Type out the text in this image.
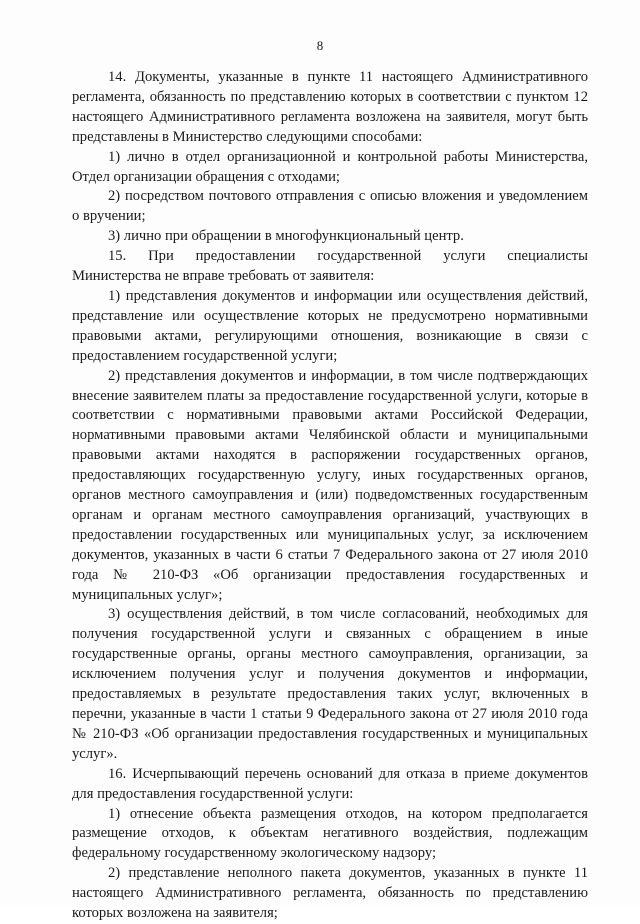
8

14. Документы, указанные в пункте 11 настоящего Административного регламента, обязанность по представлению которых в соответствии с пунктом 12 настоящего Административного регламента возложена на заявителя, могут быть представлены в Министерство следующими способами:

1) лично в отдел организационной и контрольной работы Министерства, Отдел организации обращения с отходами;

2) посредством почтового отправления с описью вложения и уведомлением о вручении;

3) лично при обращении в многофункциональный центр.

15. При предоставлении государственной услуги специалисты Министерства не вправе требовать от заявителя:

1) представления документов и информации или осуществления действий, представление или осуществление которых не предусмотрено нормативными правовыми актами, регулирующими отношения, возникающие в связи с предоставлением государственной услуги;

2) представления документов и информации, в том числе подтверждающих внесение заявителем платы за предоставление государственной услуги, которые в соответствии с нормативными правовыми актами Российской Федерации, нормативными правовыми актами Челябинской области и муниципальными правовыми актами находятся в распоряжении государственных органов, предоставляющих государственную услугу, иных государственных органов, органов местного самоуправления и (или) подведомственных государственным органам и органам местного самоуправления организаций, участвующих в предоставлении государственных или муниципальных услуг, за исключением документов, указанных в части 6 статьи 7 Федерального закона от 27 июля 2010 года № 210-ФЗ «Об организации предоставления государственных и муниципальных услуг»;

3) осуществления действий, в том числе согласований, необходимых для получения государственной услуги и связанных с обращением в иные государственные органы, органы местного самоуправления, организации, за исключением получения услуг и получения документов и информации, предоставляемых в результате предоставления таких услуг, включенных в перечни, указанные в части 1 статьи 9 Федерального закона от 27 июля 2010 года № 210-ФЗ «Об организации предоставления государственных и муниципальных услуг».

16. Исчерпывающий перечень оснований для отказа в приеме документов для предоставления государственной услуги:

1) отнесение объекта размещения отходов, на котором предполагается размещение отходов, к объектам негативного воздействия, подлежащим федеральному государственному экологическому надзору;

2) представление неполного пакета документов, указанных в пункте 11 настоящего Административного регламента, обязанность по представлению которых возложена на заявителя;
